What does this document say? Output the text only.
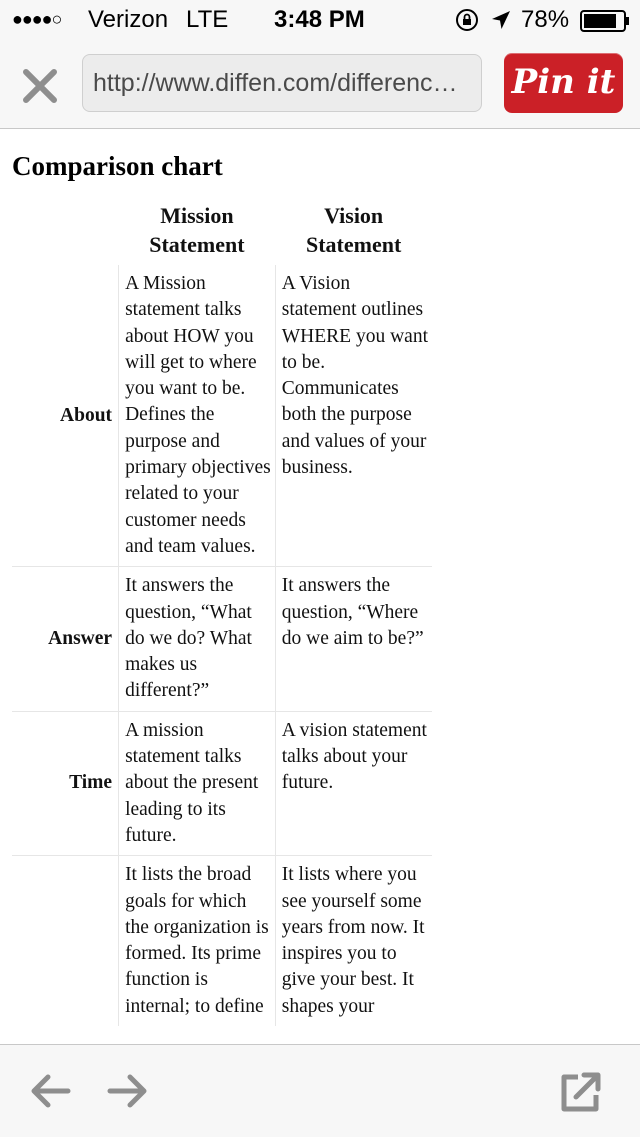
●●●●○ Verizon LTE 3:48 PM	78%
http://www.diffen.com/differenc…	Pin it
Comparison chart
	Mission Statement	Vision Statement
About	A Mission statement talks about HOW you will get to where you want to be. Defines the purpose and primary objectives related to your customer needs and team values.	A Vision statement outlines WHERE you want to be. Communicates both the purpose and values of your business.
Answer	It answers the question, “What do we do? What makes us different?”	It answers the question, “Where do we aim to be?”
Time	A mission statement talks about the present leading to its future.	A vision statement talks about your future.
	It lists the broad goals for which the organization is formed. Its prime function is internal; to define	It lists where you see yourself some years from now. It inspires you to give your best. It shapes your
